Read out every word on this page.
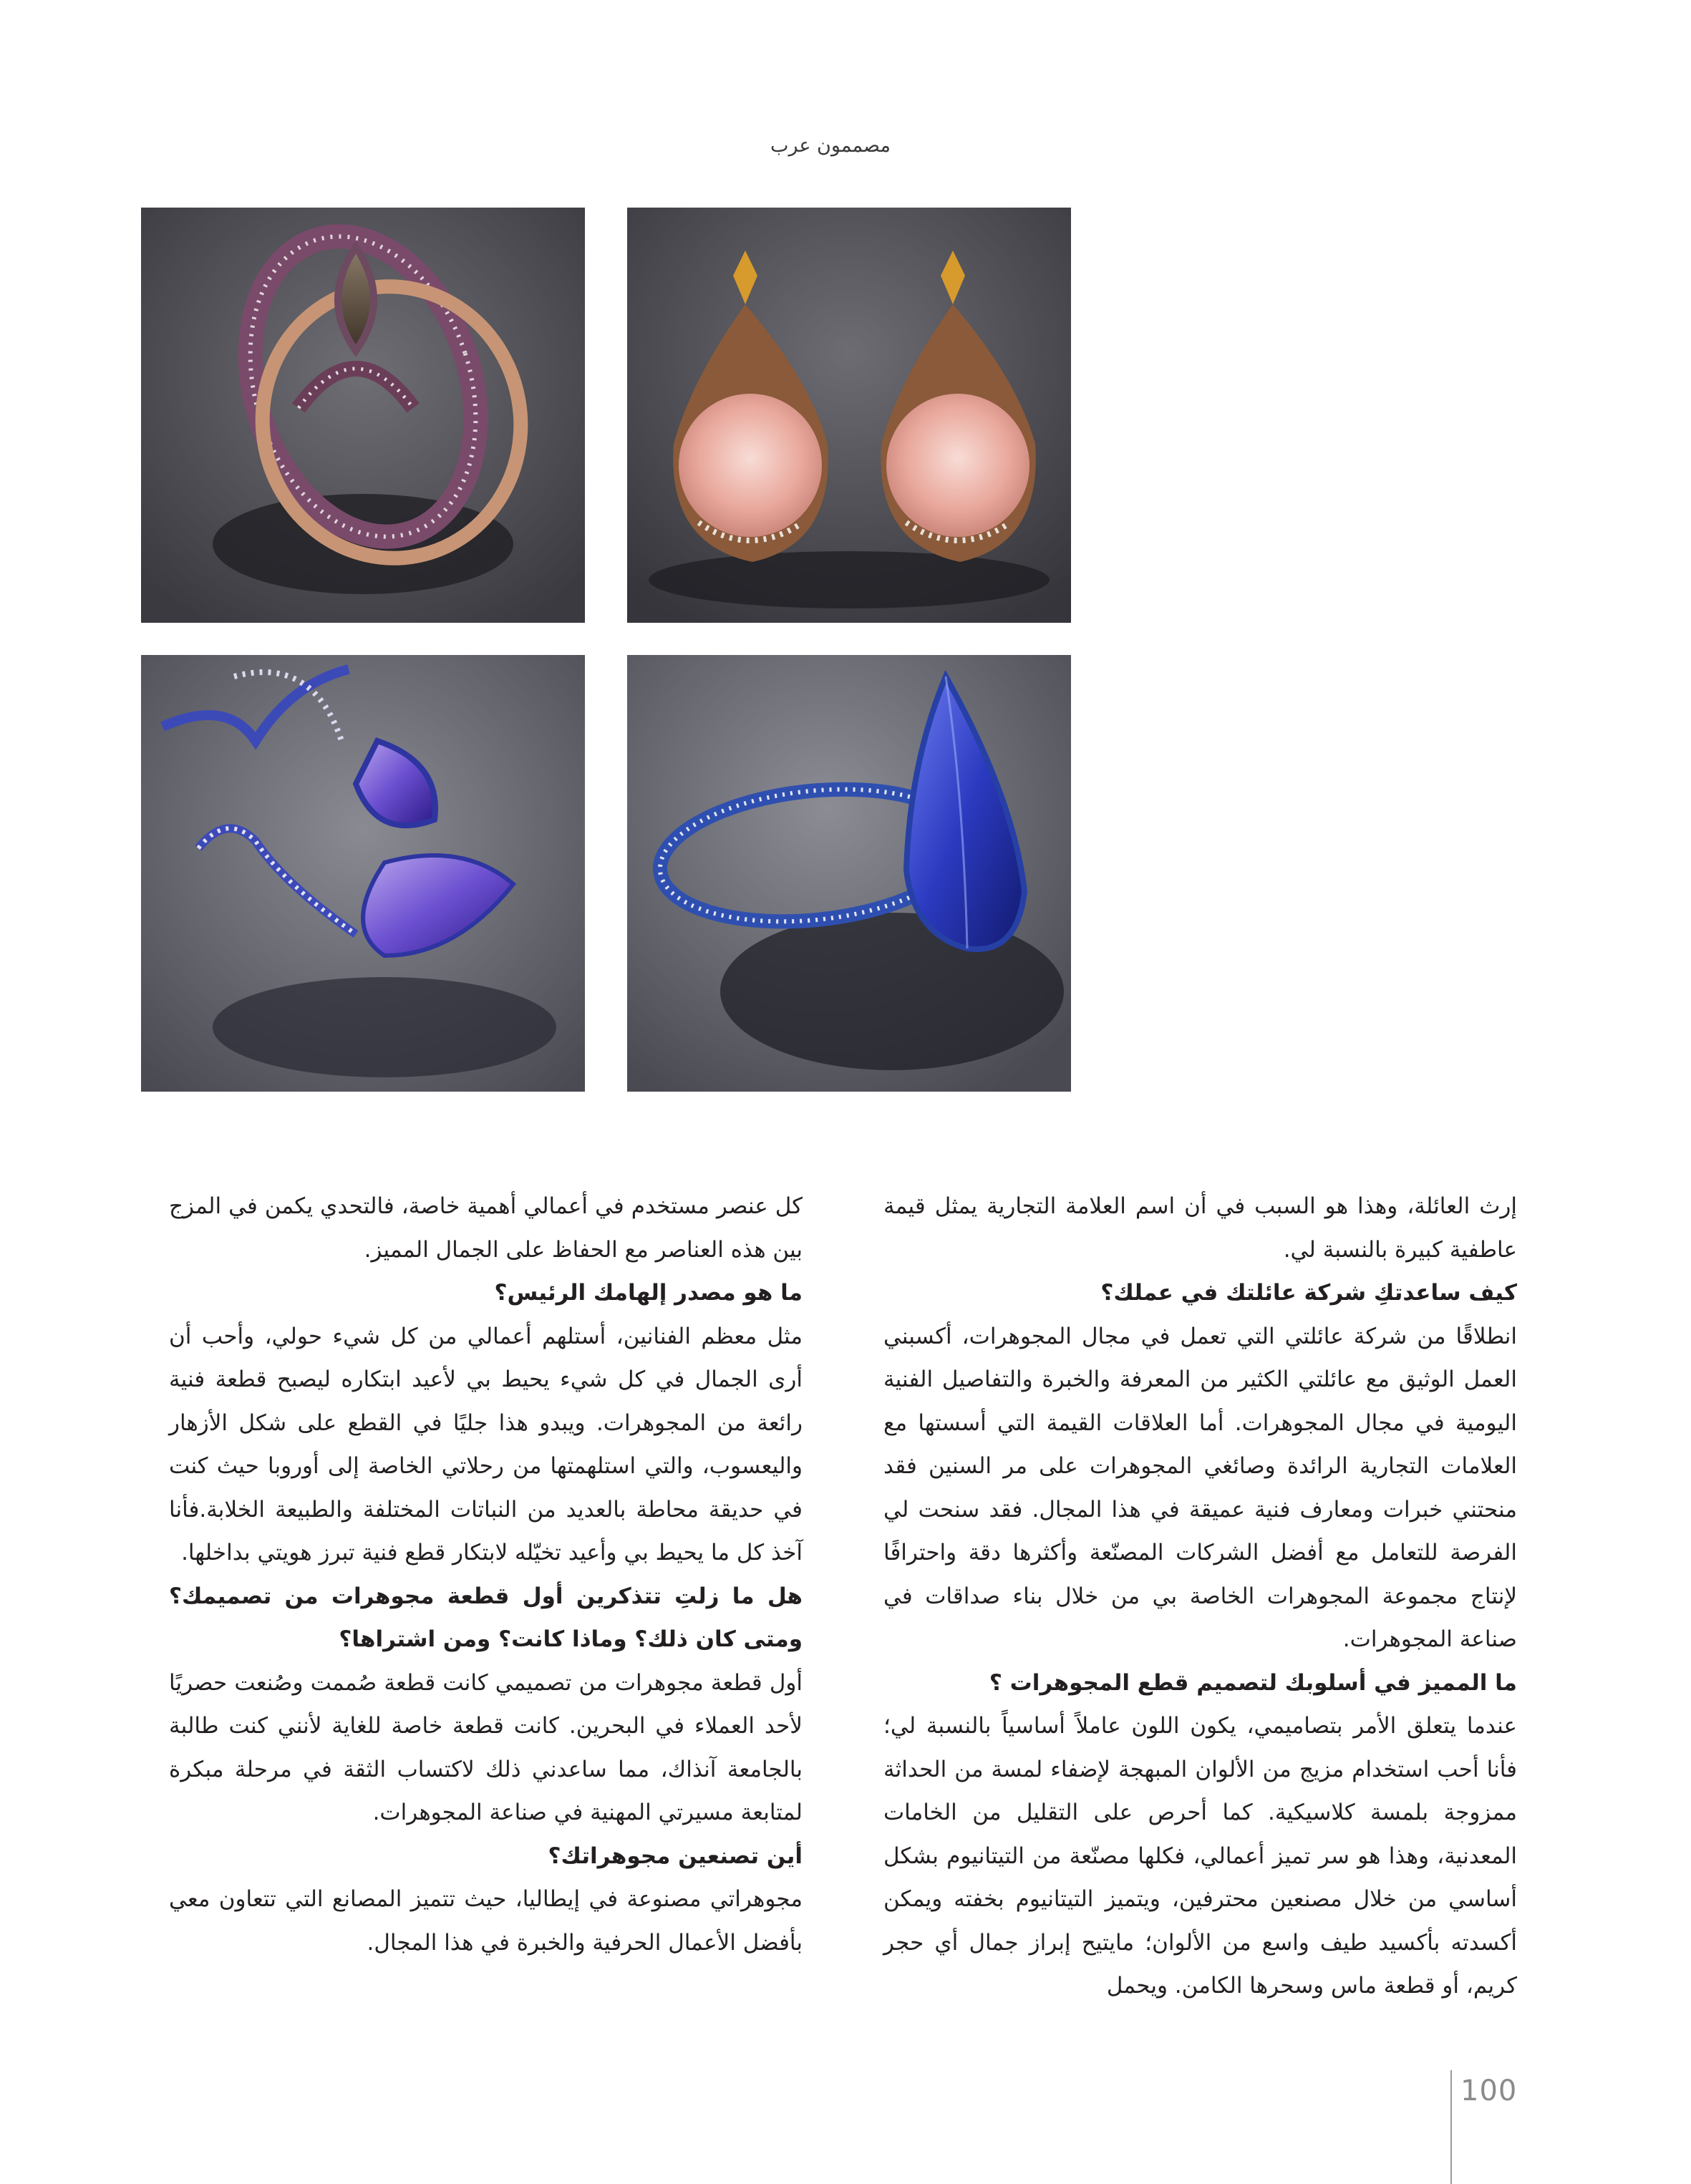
مصممون عرب

إرث العائلة، وهذا هو السبب في أن اسم العلامة التجارية يمثل قيمة عاطفية كبيرة بالنسبة لي.

كيف ساعدتكِ شركة عائلتك في عملك؟

انطلاقًا من شركة عائلتي التي تعمل في مجال المجوهرات، أكسبني العمل الوثيق مع عائلتي الكثير من المعرفة والخبرة والتفاصيل الفنية اليومية في مجال المجوهرات. أما العلاقات القيمة التي أسستها مع العلامات التجارية الرائدة وصائغي المجوهرات على مر السنين فقد منحتني خبرات ومعارف فنية عميقة في هذا المجال. فقد سنحت لي الفرصة للتعامل مع أفضل الشركات المصنّعة وأكثرها دقة واحترافًا لإنتاج مجموعة المجوهرات الخاصة بي من خلال بناء صداقات في صناعة المجوهرات.

ما المميز في أسلوبك لتصميم قطع المجوهرات ؟

عندما يتعلق الأمر بتصاميمي، يكون اللون عاملاً أساسياً بالنسبة لي؛ فأنا أحب استخدام مزيج من الألوان المبهجة لإضفاء لمسة من الحداثة ممزوجة بلمسة كلاسيكية. كما أحرص على التقليل من الخامات المعدنية، وهذا هو سر تميز أعمالي، فكلها مصنّعة من التيتانيوم بشكل أساسي من خلال مصنعين محترفين، ويتميز التيتانيوم بخفته ويمكن أكسدته بأكسيد طيف واسع من الألوان؛ مايتيح إبراز جمال أي حجر كريم، أو قطعة ماس وسحرها الكامن. ويحمل

كل عنصر مستخدم في أعمالي أهمية خاصة، فالتحدي يكمن في المزج بين هذه العناصر مع الحفاظ على الجمال المميز.

ما هو مصدر إلهامك الرئيس؟

مثل معظم الفنانين، أستلهم أعمالي من كل شيء حولي، وأحب أن أرى الجمال في كل شيء يحيط بي لأعيد ابتكاره ليصبح قطعة فنية رائعة من المجوهرات. ويبدو هذا جليًا في القطع على شكل الأزهار واليعسوب، والتي استلهمتها من رحلاتي الخاصة إلى أوروبا حيث كنت في حديقة محاطة بالعديد من النباتات المختلفة والطبيعة الخلابة.فأنا آخذ كل ما يحيط بي وأعيد تخيّله لابتكار قطع فنية تبرز هويتي بداخلها.

هل ما زلتِ تتذكرين أول قطعة مجوهرات من تصميمك؟ ومتى كان ذلك؟ وماذا كانت؟ ومن اشتراها؟

أول قطعة مجوهرات من تصميمي كانت قطعة صُممت وصُنعت حصريًا لأحد العملاء في البحرين. كانت قطعة خاصة للغاية لأنني كنت طالبة بالجامعة آنذاك، مما ساعدني ذلك لاكتساب الثقة في مرحلة مبكرة لمتابعة مسيرتي المهنية في صناعة المجوهرات.

أين تصنعين مجوهراتك؟

مجوهراتي مصنوعة في إيطاليا، حيث تتميز المصانع التي تتعاون معي بأفضل الأعمال الحرفية والخبرة في هذا المجال.

100
